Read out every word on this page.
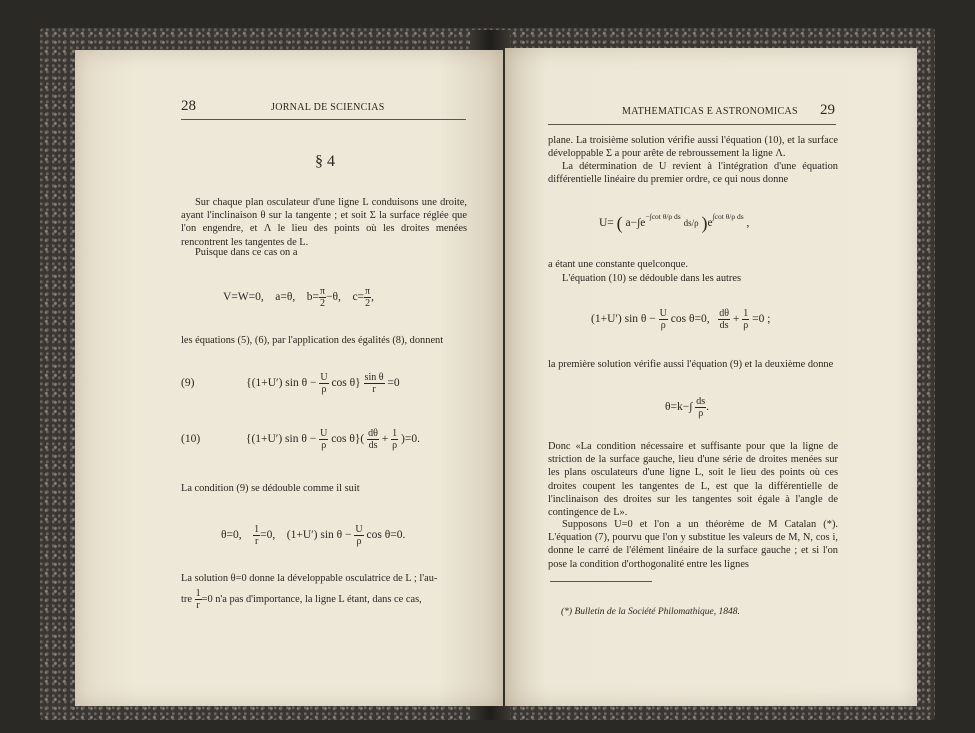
28	JORNAL DE SCIENCIAS
§ 4
Sur chaque plan osculateur d'une ligne L conduisons une droite, ayant l'inclinaison θ sur la tangente ; et soit Σ la surface réglée que l'on engendre, et Λ le lieu des points où les droites menées rencontrent les tangentes de L.
Puisque dans ce cas on a
V=W=0, a=θ, $b= \frac{\pi}{2} -\theta$, $c= \frac{\pi}{2}$ ,
les équations (5), (6), par l'application des égalités (8), donnent
(9)	{(1+U′) $\sin \theta - \frac{U}{\rho}$ $\cos \theta\} \frac{\text{sin θ}}{r} =0$
(10)	{(1+U′) $\sin \theta - \frac{U}{\rho}$ $\cos \theta\}( \frac{d\theta}{ds} + \frac{1}{\rho} )=0$.
La condition (9) se dédouble comme il suit
θ=0, $\frac{1}{r} =0$, (1+U′) $\sin \theta - \frac{U}{\rho}$ cos θ=0.
La solution θ=0 donne la développable osculatrice de L ; l'au-
tre $\frac{1}{r} =0$ n'a pas d'importance, la ligne L étant, dans ce cas,
MATHEMATICAS E ASTRONOMICAS 29
plane. La troisième solution vérifie aussi l'équation (10), et la surface développable Σ a pour arête de rebroussement la ligne Λ.
La détermination de U revient à l'intégration d'une équation différentielle linéaire du premier ordre, ce qui nous donne
U= ( $a-\int e^{-\int cot \theta/\rho ds}$ ds/ρ )$e^{\int cot \theta/\rho ds}$ ,
a étant une constante quelconque.
L'équation (10) se dédouble dans les autres
(1+U′) $\sin \theta - \frac{U}{\rho}$ cos θ=0, $\frac{d\theta}{ds} + \frac{1}{\rho} =0$ ;
la première solution vérifie aussi l'équation (9) et la deuxième donne
$\theta=k-\int \frac{ds}{\rho}$ .
Donc «La condition nécessaire et suffisante pour que la ligne de striction de la surface gauche, lieu d'une série de droites menées sur les plans osculateurs d'une ligne L, soit le lieu des points où ces droites coupent les tangentes de L, est que la différentielle de l'inclinaison des droites sur les tangentes soit égale à l'angle de contingence de L».
Supposons U=0 et l'on a un théorème de M Catalan (*). L'équation (7), pourvu que l'on y substitue les valeurs de M, N, cos i, donne le carré de l'élément linéaire de la surface gauche ; et si l'on pose la condition d'orthogonalité entre les lignes
(*) Bulletin de la Société Philomathique, 1848.
